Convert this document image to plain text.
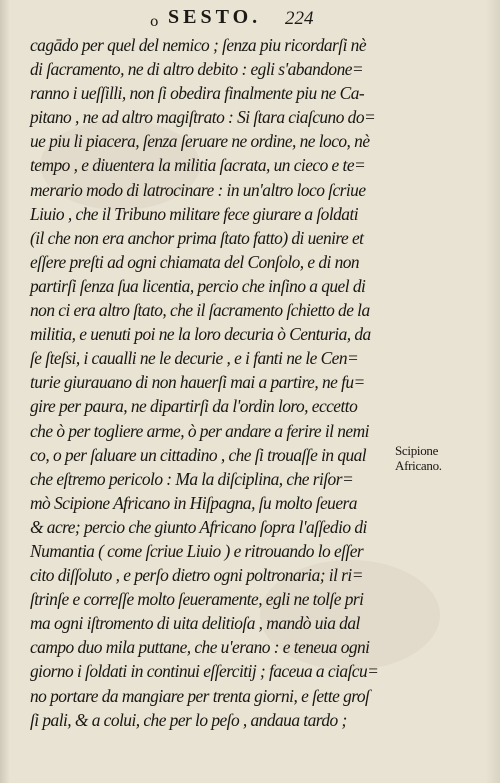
o SESTO. 224
cagādo per quel del nemico ; ſenza piu ricordarſi nè
di ſacramento, ne di altro debito : egli s'abandone=
ranno i ueſſilli, non ſi obedira finalmente piu ne Ca-
pitano , ne ad altro magiſtrato : Si ſtara ciaſcuno do=
ue piu li piacera, ſenza ſeruare ne ordine, ne loco, nè
tempo , e diuentera la militia ſacrata, un cieco e te=
merario modo di latrocinare : in un'altro loco ſcriue
Liuio , che il Tribuno militare fece giurare a ſoldati
(il che non era anchor prima ſtato fatto) di uenire et
eſſere preſti ad ogni chiamata del Conſolo, e di non
partirſi ſenza ſua licentia, percio che inſino a quel di
non ci era altro ſtato, che il ſacramento ſchietto de la
militia, e uenuti poi ne la loro decuria ò Centuria, da
ſe ſteſsi, i caualli ne le decurie , e i fanti ne le Cen=
turie giurauano di non hauerſi mai a partire, ne fu=
gire per paura, ne dipartirſi da l'ordin loro, eccetto
che ò per togliere arme, ò per andare a ferire il nemi
co, o per ſaluare un cittadino , che ſi trouaſſe in qual
che eſtremo pericolo : Ma la diſciplina, che riſor=
mò Scipione Africano in Hiſpagna, ſu molto ſeuera
& acre; percio che giunto Africano ſopra l'aſſedio di
Numantia ( come ſcriue Liuio ) e ritrouando lo eſſer
cito diſſoluto , e perſo dietro ogni poltronaria; il ri=
ſtrinſe e correſſe molto ſeueramente, egli ne tolſe pri
ma ogni iſtromento di uita delitioſa , mandò uia dal
campo duo mila puttane, che u'erano : e teneua ogni
giorno i ſoldati in continui eſſercitij ; faceua a ciaſcu=
no portare da mangiare per trenta giorni, e ſette groſ
ſi pali, & a colui, che per lo peſo , andaua tardo ;
Scipione
Africano.
